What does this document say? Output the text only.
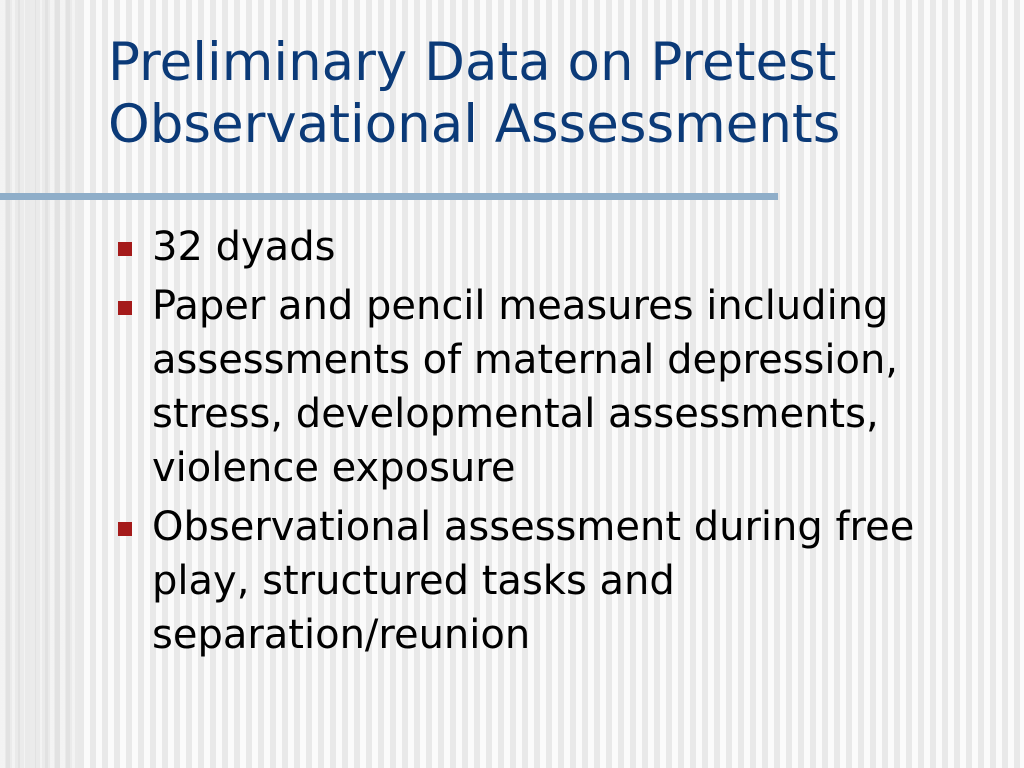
Preliminary Data on Pretest
Observational Assessments
32 dyads
Paper and pencil measures including assessments of maternal depression, stress, developmental assessments, violence exposure
Observational assessment during free play, structured tasks and separation/reunion
